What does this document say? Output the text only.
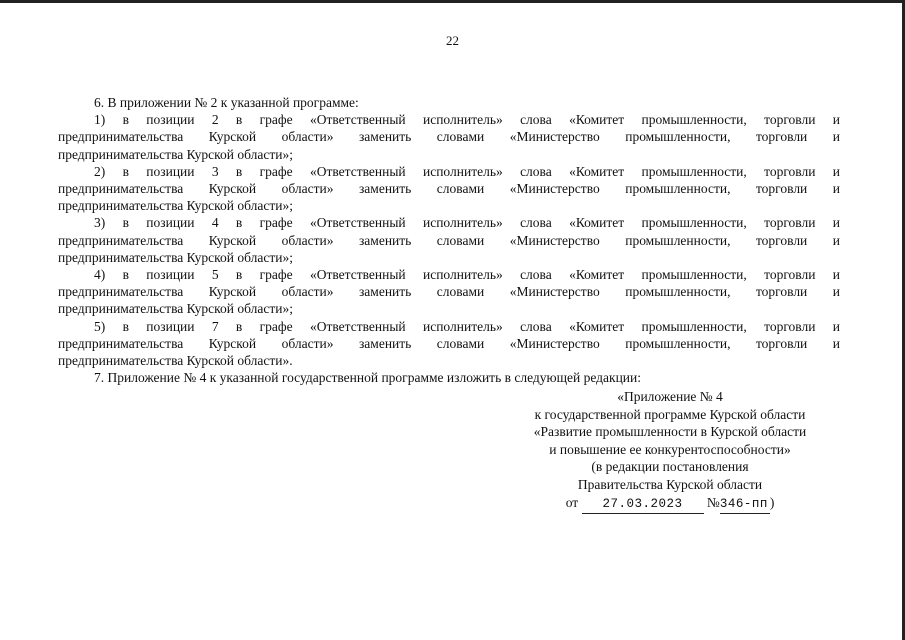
22

6. В приложении № 2 к указанной программе:

1) в позиции 2 в графе «Ответственный исполнитель» слова «Комитет промышленности, торговли и
предпринимательства Курской области» заменить словами «Министерство промышленности, торговли и
предпринимательства Курской области»;
2) в позиции 3 в графе «Ответственный исполнитель» слова «Комитет промышленности, торговли и
предпринимательства Курской области» заменить словами «Министерство промышленности, торговли и
предпринимательства Курской области»;
3) в позиции 4 в графе «Ответственный исполнитель» слова «Комитет промышленности, торговли и
предпринимательства Курской области» заменить словами «Министерство промышленности, торговли и
предпринимательства Курской области»;
4) в позиции 5 в графе «Ответственный исполнитель» слова «Комитет промышленности, торговли и
предпринимательства Курской области» заменить словами «Министерство промышленности, торговли и
предпринимательства Курской области»;
5) в позиции 7 в графе «Ответственный исполнитель» слова «Комитет промышленности, торговли и
предпринимательства Курской области» заменить словами «Министерство промышленности, торговли и
предпринимательства Курской области».

7. Приложение № 4 к указанной государственной программе изложить в следующей редакции:

«Приложение № 4
к государственной программе Курской области
«Развитие промышленности в Курской области
и повышение ее конкурентоспособности»
(в редакции постановления
Правительства Курской области
от 27.03.2023 №346-пп )
